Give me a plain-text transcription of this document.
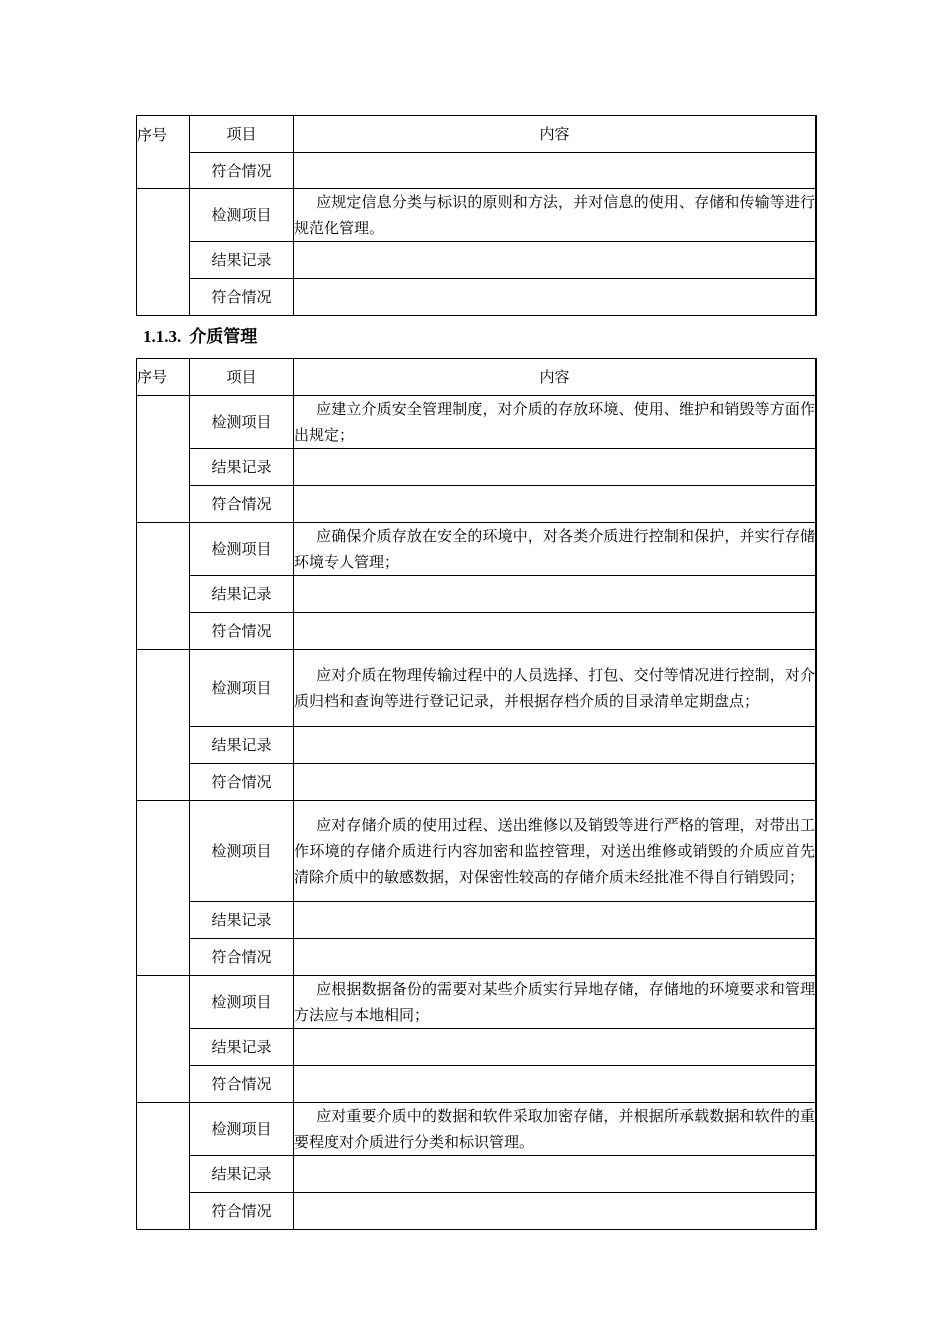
序号	项目	内容
	符合情况	
	检测项目	应规定信息分类与标识的原则和方法，并对信息的使用、存储和传输等进行规范化管理。
	结果记录	
	符合情况	
1.1.3. 介质管理
序号	项目	内容
	检测项目	应建立介质安全管理制度，对介质的存放环境、使用、维护和销毁等方面作出规定；
	结果记录	
	符合情况	
	检测项目	应确保介质存放在安全的环境中，对各类介质进行控制和保护，并实行存储环境专人管理；
	结果记录	
	符合情况	
	检测项目	应对介质在物理传输过程中的人员选择、打包、交付等情况进行控制，对介质归档和查询等进行登记记录，并根据存档介质的目录清单定期盘点；
	结果记录	
	符合情况	
	检测项目	应对存储介质的使用过程、送出维修以及销毁等进行严格的管理，对带出工作环境的存储介质进行内容加密和监控管理，对送出维修或销毁的介质应首先清除介质中的敏感数据，对保密性较高的存储介质未经批准不得自行销毁同；
	结果记录	
	符合情况	
	检测项目	应根据数据备份的需要对某些介质实行异地存储，存储地的环境要求和管理方法应与本地相同；
	结果记录	
	符合情况	
	检测项目	应对重要介质中的数据和软件采取加密存储，并根据所承载数据和软件的重要程度对介质进行分类和标识管理。
	结果记录	
	符合情况	
